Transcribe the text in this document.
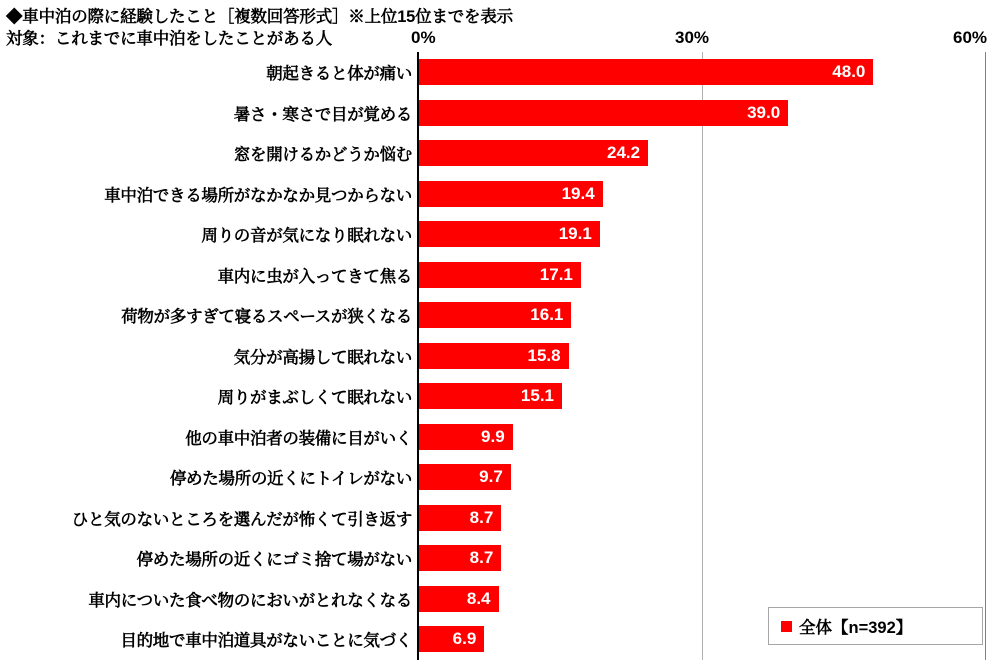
◆車中泊の際に経験したこと［複数回答形式］※上位15位までを表示
対象：これまでに車中泊をしたことがある人	0%	30%	60%
朝起きると体が痛い	48.0
暑さ・寒さで目が覚める	39.0
窓を開けるかどうか悩む	24.2
車中泊できる場所がなかなか見つからない	19.4
周りの音が気になり眠れない	19.1
車内に虫が入ってきて焦る	17.1
荷物が多すぎて寝るスペースが狭くなる	16.1
気分が高揚して眠れない	15.8
周りがまぶしくて眠れない	15.1
他の車中泊者の装備に目がいく	9.9
停めた場所の近くにトイレがない	9.7
ひと気のないところを選んだが怖くて引き返す	8.7
停めた場所の近くにゴミ捨て場がない	8.7
車内についた食べ物のにおいがとれなくなる	8.4
目的地で車中泊道具がないことに気づく 6.9
全体【n=392】
